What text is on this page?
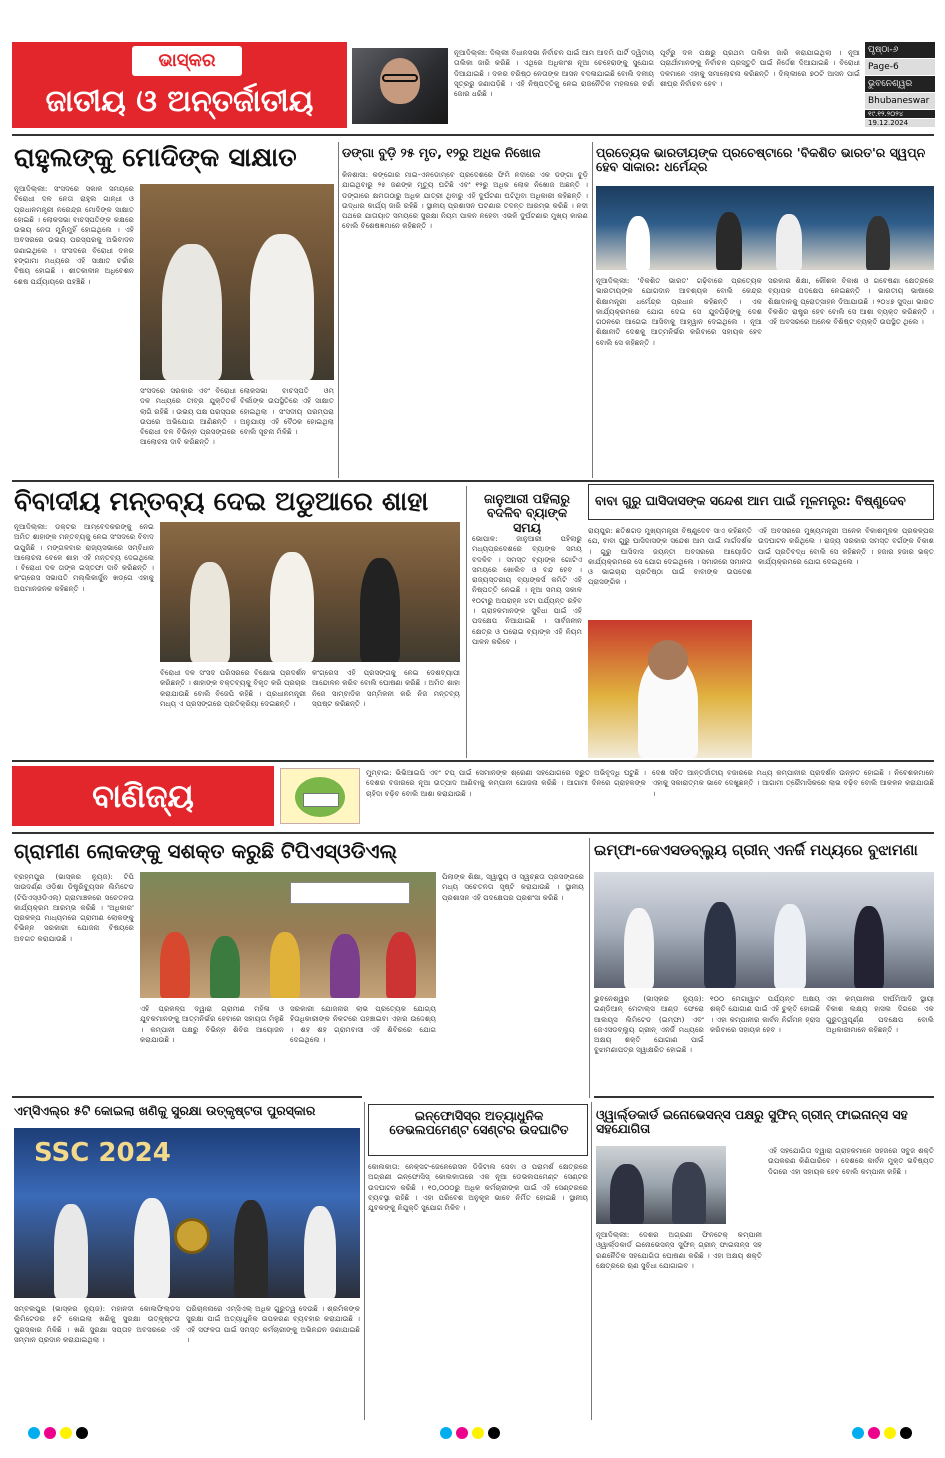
ଭାସ୍କର
ଜାତୀୟ ଓ ଅନ୍ତର୍ଜାତୀୟ
ନୂଆଦିଲ୍ଲୀ: ଦିଲ୍ଲୀ ବିଧାନସଭା ନିର୍ବାଚନ ପାଇଁ ଆମ ଆଦମି ପାର୍ଟି ଦ୍ୱିତୀୟ ତାଲିକା ଜାରି କରିଛି । ଏଥିରେ ଅଧିକାଂଶ ନୂଆ ଚେହେରାଙ୍କୁ ସୁଯୋଗ ଦିଆଯାଇଛି । ଦଳର ବରିଷ୍ଠ ନେତାଙ୍କ ଆସନ ବଦଳାଯାଇଛି ବୋଲି ଦଳୀୟ ସୂତ୍ରରୁ ଜଣାପଡ଼ିଛି । ଏହି ନିଷ୍ପତ୍ତିକୁ ନେଇ ରାଜନୈତିକ ମହଲରେ ଚର୍ଚ୍ଚା ଜୋର ଧରିଛି ।
ପୂର୍ବରୁ ଦଳ ପକ୍ଷରୁ ପ୍ରଥମ ତାଲିକା ଜାରି କରାଯାଇଥିଲା । ନୂଆ ପ୍ରାର୍ଥୀମାନଙ୍କୁ ନିର୍ବାଚନ ପ୍ରସ୍ତୁତି ପାଇଁ ନିର୍ଦ୍ଦେଶ ଦିଆଯାଇଛି । ବିରୋଧୀ ଦଳମାନେ ଏହାକୁ ସମାଲୋଚନା କରିଛନ୍ତି । ଦିଲ୍ଲୀରେ ୭୦ଟି ଆସନ ପାଇଁ ଶୀଘ୍ର ନିର୍ବାଚନ ହେବ ।
ପୃଷ୍ଠା-୬
Page-6
ଭୁବନେଶ୍ୱର
Bhubaneswar
୧୯.୧୨.୨୦୨୪
19.12.2024
ରାହୁଲଙ୍କୁ ମୋଦିଙ୍କ ସାକ୍ଷାତ
ନୂଆଦିଲ୍ଲୀ: ସଂସଦରେ ସକାଳ ସମୟରେ ବିରୋଧୀ ଦଳ ନେତା ରାହୁଲ ଗାନ୍ଧୀ ଓ ପ୍ରଧାନମନ୍ତ୍ରୀ ନରେନ୍ଦ୍ର ମୋଦିଙ୍କ ସାକ୍ଷାତ ହୋଇଛି । ଲୋକସଭା ବାଚସ୍ପତିଙ୍କ କକ୍ଷରେ ଉଭୟ ନେତା ମୁହାଁମୁହିଁ ହୋଇଥିଲେ । ଏହି ଅବସରରେ ଉଭୟ ପରସ୍ପରକୁ ଅଭିବାଦନ ଜଣାଇଥିଲେ । ସଂସଦରେ ବିରୋଧୀ ଦଳର ହଙ୍ଗାମା ମଧ୍ୟରେ ଏହି ସାକ୍ଷାତ ଚର୍ଚ୍ଚାର ବିଷୟ ହୋଇଛି । ଶୀତକାଳୀନ ଅଧିବେଶନ ଶେଷ ପର୍ଯ୍ୟାୟରେ ପହଞ୍ଚିଛି ।
ସଂସଦରେ ସରକାର ଏବଂ ବିରୋଧୀ ଦଳ ମଧ୍ୟରେ ତୀବ୍ର ଯୁକ୍ତିତର୍କ ଲାଗି ରହିଛି । ଉଭୟ ପକ୍ଷ ପରସ୍ପର ଉପରେ ଅଭିଯୋଗ ଆଣିଛନ୍ତି । ବିରୋଧୀ ଦଳ ବିଭିନ୍ନ ପ୍ରସଙ୍ଗରେ ଆଲୋଚନା ଦାବି କରିଛନ୍ତି ।
ଲୋକସଭା ବାଚସ୍ପତି ଓମ୍ ବିର୍ଲାଙ୍କ ଉପସ୍ଥିତିରେ ଏହି ସାକ୍ଷାତ ହୋଇଥିଲା । ସଂସଦୀୟ ପରମ୍ପରା ଅନୁଯାୟୀ ଏହି ବୈଠକ ହୋଇଥିଲା ବୋଲି ସୂଚନା ମିଳିଛି ।
ଡଙ୍ଗା ବୁଡ଼ି ୨୫ ମୃତ, ୧୨ରୁ ଅଧିକ ନିଖୋଜ
କିନଶାସା: କଙ୍ଗୋର ମାଇ-ଏନଡୋମ୍ବେ ପ୍ରଦେଶରେ ଫିମି ନଦୀରେ ଏକ ଡଙ୍ଗା ବୁଡ଼ି ଯାଇଥିବାରୁ ୨୫ ଜଣଙ୍କ ମୃତ୍ୟୁ ଘଟିଛି ଏବଂ ୧୨ରୁ ଅଧିକ ଲୋକ ନିଖୋଜ ଅଛନ୍ତି । ଡଙ୍ଗାରେ କ୍ଷମତାଠାରୁ ଅଧିକ ଯାତ୍ରୀ ଥିବାରୁ ଏହି ଦୁର୍ଘଟଣା ଘଟିଥିବା ଅଧିକାରୀ କହିଛନ୍ତି । ଉଦ୍ଧାର କାର୍ଯ୍ୟ ଜାରି ରହିଛି । ସ୍ଥାନୀୟ ପ୍ରଶାସନ ଘଟଣାର ତଦନ୍ତ ଆରମ୍ଭ କରିଛି । ନଦୀ ପଥରେ ଯାତାୟାତ ସମୟରେ ସୁରକ୍ଷା ନିୟମ ପାଳନ ନହେବା ଏଭଳି ଦୁର୍ଘଟଣାର ମୁଖ୍ୟ କାରଣ ବୋଲି ବିଶେଷଜ୍ଞମାନେ କହିଛନ୍ତି ।
ପ୍ରତ୍ୟେକ ଭାରତୀୟଙ୍କ ପ୍ରଚେଷ୍ଟାରେ 'ବିକଶିତ ଭାରତ'ର ସ୍ୱପ୍ନ ହେବ ସାକାର: ଧର୍ମେନ୍ଦ୍ର
ନୂଆଦିଲ୍ଲୀ: 'ବିକଶିତ ଭାରତ' ଗଢ଼ିବାରେ ପ୍ରତ୍ୟେକ ଭାରତୀୟଙ୍କ ଯୋଗଦାନ ଆବଶ୍ୟକ ବୋଲି କେନ୍ଦ୍ର ଶିକ୍ଷାମନ୍ତ୍ରୀ ଧର୍ମେନ୍ଦ୍ର ପ୍ରଧାନ କହିଛନ୍ତି । ଏକ କାର୍ଯ୍ୟକ୍ରମରେ ଯୋଗ ଦେଇ ସେ ଯୁବପିଢ଼ିଙ୍କୁ ଦେଶ ଗଠନରେ ଆଗେଇ ଆସିବାକୁ ଆହ୍ୱାନ ଦେଇଥିଲେ । ନୂଆ ଶିକ୍ଷାନୀତି ଦେଶକୁ ଆତ୍ମନିର୍ଭର କରିବାରେ ସହାୟକ ହେବ ବୋଲି ସେ କହିଛନ୍ତି ।
ସରକାର ଶିକ୍ଷା, କୌଶଳ ବିକାଶ ଓ ଗବେଷଣା କ୍ଷେତ୍ରରେ ବ୍ୟାପକ ପଦକ୍ଷେପ ନେଇଛନ୍ତି । ଭାରତୀୟ ଭାଷାରେ ଶିକ୍ଷାଦାନକୁ ପ୍ରୋତ୍ସାହନ ଦିଆଯାଉଛି । ୨୦୪୭ ସୁଦ୍ଧା ଭାରତ ବିକଶିତ ରାଷ୍ଟ୍ର ହେବ ବୋଲି ସେ ଆଶା ବ୍ୟକ୍ତ କରିଛନ୍ତି । ଏହି ଅବସରରେ ଅନେକ ବିଶିଷ୍ଟ ବ୍ୟକ୍ତି ଉପସ୍ଥିତ ଥିଲେ ।
ବିବାଦୀୟ ମନ୍ତବ୍ୟ ଦେଇ ଅଡୁଆରେ ଶାହା
ନୂଆଦିଲ୍ଲୀ: ଡକ୍ଟର ଆମ୍ବେଦକରଙ୍କୁ ନେଇ ଅମିତ ଶାହାଙ୍କ ମନ୍ତବ୍ୟକୁ ନେଇ ସଂସଦରେ ବିବାଦ ଉପୁଜିଛି । ମଙ୍ଗଳବାର ରାଜ୍ୟସଭାରେ ସମ୍ବିଧାନ ଆଲୋଚନା ବେଳେ ଶାହା ଏହି ମନ୍ତବ୍ୟ ଦେଇଥିଲେ । ବିରୋଧୀ ଦଳ ତାଙ୍କ ଇସ୍ତଫା ଦାବି କରିଛନ୍ତି । କଂଗ୍ରେସ ସଭାପତି ମଲ୍ଲିକାର୍ଜୁନ ଖଡ୍ଗେ ଏହାକୁ ଅପମାନଜନକ କହିଛନ୍ତି ।
ବିରୋଧୀ ଦଳ ସଂସଦ ପରିସରରେ ବିକ୍ଷୋଭ ପ୍ରଦର୍ଶନ କରିଛନ୍ତି । ଶାହାଙ୍କ ବକ୍ତବ୍ୟକୁ ବିକୃତ କରି ପ୍ରଚାର କରାଯାଉଛି ବୋଲି ବିଜେପି କହିଛି । ପ୍ରଧାନମନ୍ତ୍ରୀ ମଧ୍ୟ ଏ ପ୍ରସଙ୍ଗରେ ପ୍ରତିକ୍ରିୟା ଦେଇଛନ୍ତି ।
କଂଗ୍ରେସ ଏହି ପ୍ରସଙ୍ଗକୁ ନେଇ ଦେଶବ୍ୟାପୀ ଆନ୍ଦୋଳନ କରିବ ବୋଲି ଘୋଷଣା କରିଛି । ଅମିତ ଶାହା ନିଜେ ସାମ୍ବାଦିକ ସମ୍ମିଳନୀ କରି ନିଜ ମନ୍ତବ୍ୟ ସ୍ପଷ୍ଟ କରିଛନ୍ତି ।
ଜାନୁଆରୀ ପହିଲାରୁ ବଦଳିବ ବ୍ୟାଙ୍କ ସମୟ
ଭୋପାଳ: ଜାନୁଆରୀ ପହିଲାରୁ ମଧ୍ୟପ୍ରଦେଶରେ ବ୍ୟାଙ୍କ ସମୟ ବଦଳିବ । ସମସ୍ତ ବ୍ୟାଙ୍କ ଗୋଟିଏ ସମୟରେ ଖୋଲିବ ଓ ବନ୍ଦ ହେବ । ରାଜ୍ୟସ୍ତରୀୟ ବ୍ୟାଙ୍କର୍ସ କମିଟି ଏହି ନିଷ୍ପତ୍ତି ନେଇଛି । ନୂଆ ସମୟ ସକାଳ ୧୦ଟାରୁ ଅପରାହ୍ନ ୪ଟା ପର୍ଯ୍ୟନ୍ତ ରହିବ । ଗ୍ରାହକମାନଙ୍କ ସୁବିଧା ପାଇଁ ଏହି ପଦକ୍ଷେପ ନିଆଯାଇଛି । ସାର୍ବଜନୀନ କ୍ଷେତ୍ର ଓ ଘରୋଇ ବ୍ୟାଙ୍କ ଏହି ନିୟମ ପାଳନ କରିବେ ।
ବାବା ଗୁରୁ ଘାସିଦାସଙ୍କ ସନ୍ଦେଶ ଆମ ପାଇଁ ମୂଳମନ୍ତ୍ର: ବିଷ୍ଣୁଦେବ
ରାୟପୁର: ଛତିଶଗଡ଼ ମୁଖ୍ୟମନ୍ତ୍ରୀ ବିଷ୍ଣୁଦେବ ସାଏ କହିଛନ୍ତି ଯେ, ବାବା ଗୁରୁ ଘାସିଦାସଙ୍କ ସନ୍ଦେଶ ଆମ ପାଇଁ ମାର୍ଗଦର୍ଶକ । ଗୁରୁ ଘାସିଦାସ ଜୟନ୍ତୀ ଅବସରରେ ଆୟୋଜିତ କାର୍ଯ୍ୟକ୍ରମରେ ସେ ଯୋଗ ଦେଇଥିଲେ । ସମାଜରେ ସମାନତା ଓ ଭାଇଚାରା ପ୍ରତିଷ୍ଠା ପାଇଁ ବାବାଙ୍କ ଉପଦେଶ ପ୍ରାସଙ୍ଗିକ ।
ଏହି ଅବସରରେ ମୁଖ୍ୟମନ୍ତ୍ରୀ ଅନେକ ବିକାଶମୂଳକ ପ୍ରକଳ୍ପର ଉଦଘାଟନ କରିଥିଲେ । ରାଜ୍ୟ ସରକାର ସମସ୍ତ ବର୍ଗଙ୍କ ବିକାଶ ପାଇଁ ପ୍ରତିବଦ୍ଧ ବୋଲି ସେ କହିଛନ୍ତି । ହଜାର ହଜାର ଭକ୍ତ କାର୍ଯ୍ୟକ୍ରମରେ ଯୋଗ ଦେଇଥିଲେ ।
ବାଣିଜ୍ୟ
ମୁମ୍ବାଇ: ଭିଭିଆଇପି ଏବଂ ଟପ୍ ପାଇଁ ସେମାନଙ୍କ ଶ୍ରେଣୀ ସହଯୋଗରେ ଦ୍ରୁତ ଅଭିବୃଦ୍ଧି ଘଟୁଛି । ଦେଶର ବଜାରରେ ନୂଆ ଉତ୍ପାଦ ଆଣିବାକୁ କମ୍ପାନୀ ଯୋଜନା କରିଛି । ଆଗାମୀ ଦିନରେ ଗ୍ରାହକଙ୍କ ଚାହିଦା ବଢ଼ିବ ବୋଲି ଆଶା କରାଯାଉଛି ।
ଦେଶ ସହିତ ଆନ୍ତର୍ଜାତୀୟ ବଜାରରେ ମଧ୍ୟ କମ୍ପାନୀର ପ୍ରଦର୍ଶନ ଉନ୍ନତ ହୋଇଛି । ନିବେଶକମାନେ ଏହାକୁ ସକାରାତ୍ମକ ଭାବେ ଦେଖୁଛନ୍ତି । ଆଗାମୀ ତ୍ରୈମାସିକରେ ଲାଭ ବଢ଼ିବ ବୋଲି ଆକଳନ କରାଯାଉଛି ।
ଗ୍ରାମୀଣ ଲୋକଙ୍କୁ ସଶକ୍ତ କରୁଛି ଟିପିଏସ୍ଓଡିଏଲ୍
ବ୍ରହ୍ମପୁର (ଭାସ୍କର ନ୍ୟୁଜ): ଟିପି ସାଉଦର୍ଣ୍ଣ ଓଡ଼ିଶା ଡିଷ୍ଟ୍ରିବ୍ୟୁସନ ଲିମିଟେଡ (ଟିପିଏସ୍ଓଡିଏଲ୍) ଗ୍ରାମାଞ୍ଚଳରେ ସଚେତନତା କାର୍ଯ୍ୟକ୍ରମ ଆରମ୍ଭ କରିଛି । 'ଅଧିକାର' ପ୍ରକଳ୍ପ ମାଧ୍ୟମରେ ଗ୍ରାମୀଣ ଲୋକଙ୍କୁ ବିଭିନ୍ନ ସରକାରୀ ଯୋଜନା ବିଷୟରେ ଅବଗତ କରାଯାଉଛି ।
ଏହି ପ୍ରକଳ୍ପ ଦ୍ୱାରା ଗ୍ରାମୀଣ ମହିଳା ଓ ଯୁବକମାନଙ୍କୁ ଆତ୍ମନିର୍ଭର ହେବାରେ ସହାୟତା ମିଳୁଛି । କମ୍ପାନୀ ପକ୍ଷରୁ ବିଭିନ୍ନ ଶିବିର ଆୟୋଜନ କରାଯାଉଛି ।
ସରକାରୀ ଯୋଜନାର ଲାଭ ପ୍ରତ୍ୟେକ ଯୋଗ୍ୟ ହିତାଧିକାରୀଙ୍କ ନିକଟରେ ପହଞ୍ଚାଇବା ଏହାର ଉଦ୍ଦେଶ୍ୟ । ଶହ ଶହ ଗ୍ରାମବାସୀ ଏହି ଶିବିରରେ ଯୋଗ ଦେଇଥିଲେ ।
ପିଲାଙ୍କ ଶିକ୍ଷା, ସ୍ୱାସ୍ଥ୍ୟ ଓ ସ୍ୱଚ୍ଛତା ପ୍ରସଙ୍ଗରେ ମଧ୍ୟ ସଚେତନତା ସୃଷ୍ଟି କରାଯାଉଛି । ସ୍ଥାନୀୟ ପ୍ରଶାସନ ଏହି ପଦକ୍ଷେପର ପ୍ରଶଂସା କରିଛି ।
ଇମ୍ଫା-ଜେଏସଡବ୍ଲ୍ୟୁ ଗ୍ରୀନ୍ ଏନର୍ଜି ମଧ୍ୟରେ ବୁଝାମଣା
ଭୁବନେଶ୍ୱର (ଭାସ୍କର ନ୍ୟୁଜ): ଇଣ୍ଡିଆନ୍ ମେଟାଲ୍ସ ଆଣ୍ଡ ଫେରୋ ଆଲୟ୍ସ ଲିମିଟେଡ (ଇମ୍ଫା) ଏବଂ ଜେଏସଡବ୍ଲ୍ୟୁ ଗ୍ରୀନ୍ ଏନର୍ଜି ମଧ୍ୟରେ ଅକ୍ଷୟ ଶକ୍ତି ଯୋଗାଣ ପାଇଁ ବୁଝାମଣାପତ୍ର ସ୍ୱାକ୍ଷରିତ ହୋଇଛି ।
୧୦୦ ମେଗାୱାଟ ପର୍ଯ୍ୟନ୍ତ ଅକ୍ଷୟ ଶକ୍ତି ଯୋଗାଣ ପାଇଁ ଏହି ଚୁକ୍ତି ହୋଇଛି । ଏହା କମ୍ପାନୀର କାର୍ବନ ନିର୍ଗମନ ହ୍ରାସ କରିବାରେ ସହାୟକ ହେବ ।
ଏହା କମ୍ପାନୀର ଦୀର୍ଘମିଆଦି ସ୍ଥାୟୀ ବିକାଶ ଲକ୍ଷ୍ୟ ହାସଲ ଦିଗରେ ଏକ ଗୁରୁତ୍ୱପୂର୍ଣ୍ଣ ପଦକ୍ଷେପ ବୋଲି ଅଧିକାରୀମାନେ କହିଛନ୍ତି ।
ଏମ୍‌ସିଏଲ୍‌ର ୫ଟି କୋଇଲା ଖଣିକୁ ସୁରକ୍ଷା ଉତ୍କୃଷ୍ଟତା ପୁରସ୍କାର
SSC 2024
ସମ୍ବଲପୁର (ଭାସ୍କର ନ୍ୟୁଜ): ମହାନଦୀ କୋଲଫିଲ୍ଡସ ଲିମିଟେଡର ୫ଟି କୋଇଲା ଖଣିକୁ ସୁରକ୍ଷା ଉତ୍କୃଷ୍ଟତା ପୁରସ୍କାର ମିଳିଛି । ଖଣି ସୁରକ୍ଷା ସପ୍ତାହ ଅବସରରେ ଏହି ସମ୍ମାନ ପ୍ରଦାନ କରାଯାଇଥିଲା ।
ପରିଚାଳନାରେ ଏମ୍‌ସିଏଲ୍ ଅଧିକ ଗୁରୁତ୍ୱ ଦେଉଛି । ଶ୍ରମିକଙ୍କ ସୁରକ୍ଷା ପାଇଁ ଅତ୍ୟାଧୁନିକ ଉପକରଣ ବ୍ୟବହାର କରାଯାଉଛି । ଏହି ସଫଳତା ପାଇଁ ସମସ୍ତ କର୍ମଚାରୀଙ୍କୁ ଅଭିନନ୍ଦନ ଜଣାଯାଇଛି ।
ଇନ୍‌ଫୋସିସ୍‌ର ଅତ୍ୟାଧୁନିକ ଡେଭଲପମେଣ୍ଟ ସେଣ୍ଟର ଉଦଘାଟିତ
କୋଲକାତା: ନେକ୍ସଟ-ଜେନେରେସନ ଡିଜିଟାଲ ସେବା ଓ ପରାମର୍ଶ କ୍ଷେତ୍ରରେ ଅଗ୍ରଣୀ ଇନ୍‌ଫୋସିସ୍ କୋଲକାତାରେ ଏକ ନୂଆ ଡେଭଲପମେଣ୍ଟ ସେଣ୍ଟର ଉଦଘାଟନ କରିଛି । ୧୦,୦୦୦ରୁ ଅଧିକ କର୍ମଚାରୀଙ୍କ ପାଇଁ ଏହି ସେଣ୍ଟରରେ ବ୍ୟବସ୍ଥା ରହିଛି । ଏହା ପରିବେଶ ଅନୁକୂଳ ଭାବେ ନିର୍ମିତ ହୋଇଛି । ସ୍ଥାନୀୟ ଯୁବକଙ୍କୁ ନିଯୁକ୍ତି ସୁଯୋଗ ମିଳିବ ।
ଓ୍ୱାର୍ଲ୍ଡକାର୍ଡ ଇନୋଭେସନ୍ସ ପକ୍ଷରୁ ସୁଫିନ୍ ଗ୍ରୀନ୍ ଫାଇନାନ୍ସ ସହ ସହଯୋଗିତା
ନୂଆଦିଲ୍ଲୀ: ଦେଶର ଅଗ୍ରଣୀ ଫିନଟେକ୍ କମ୍ପାନୀ ଓ୍ୱାର୍ଲ୍ଡକାର୍ଡ ଇନୋଭେସନ୍ସ ସୁଫିନ୍ ଗ୍ରୀନ୍ ଫାଇନାନ୍ସ ସହ ରଣନୈତିକ ସହଯୋଗିତା ଘୋଷଣା କରିଛି । ଏହା ଅକ୍ଷୟ ଶକ୍ତି କ୍ଷେତ୍ରରେ ଋଣ ସୁବିଧା ଯୋଗାଇବ ।
ଏହି ସହଯୋଗିତା ଦ୍ୱାରା ଗ୍ରାହକମାନେ ସହଜରେ ସବୁଜ ଶକ୍ତି ଉପକରଣ କିଣିପାରିବେ । ଦେଶରେ କାର୍ବନ ମୁକ୍ତ ଭବିଷ୍ୟତ ଦିଗରେ ଏହା ସହାୟକ ହେବ ବୋଲି କମ୍ପାନୀ କହିଛି ।
